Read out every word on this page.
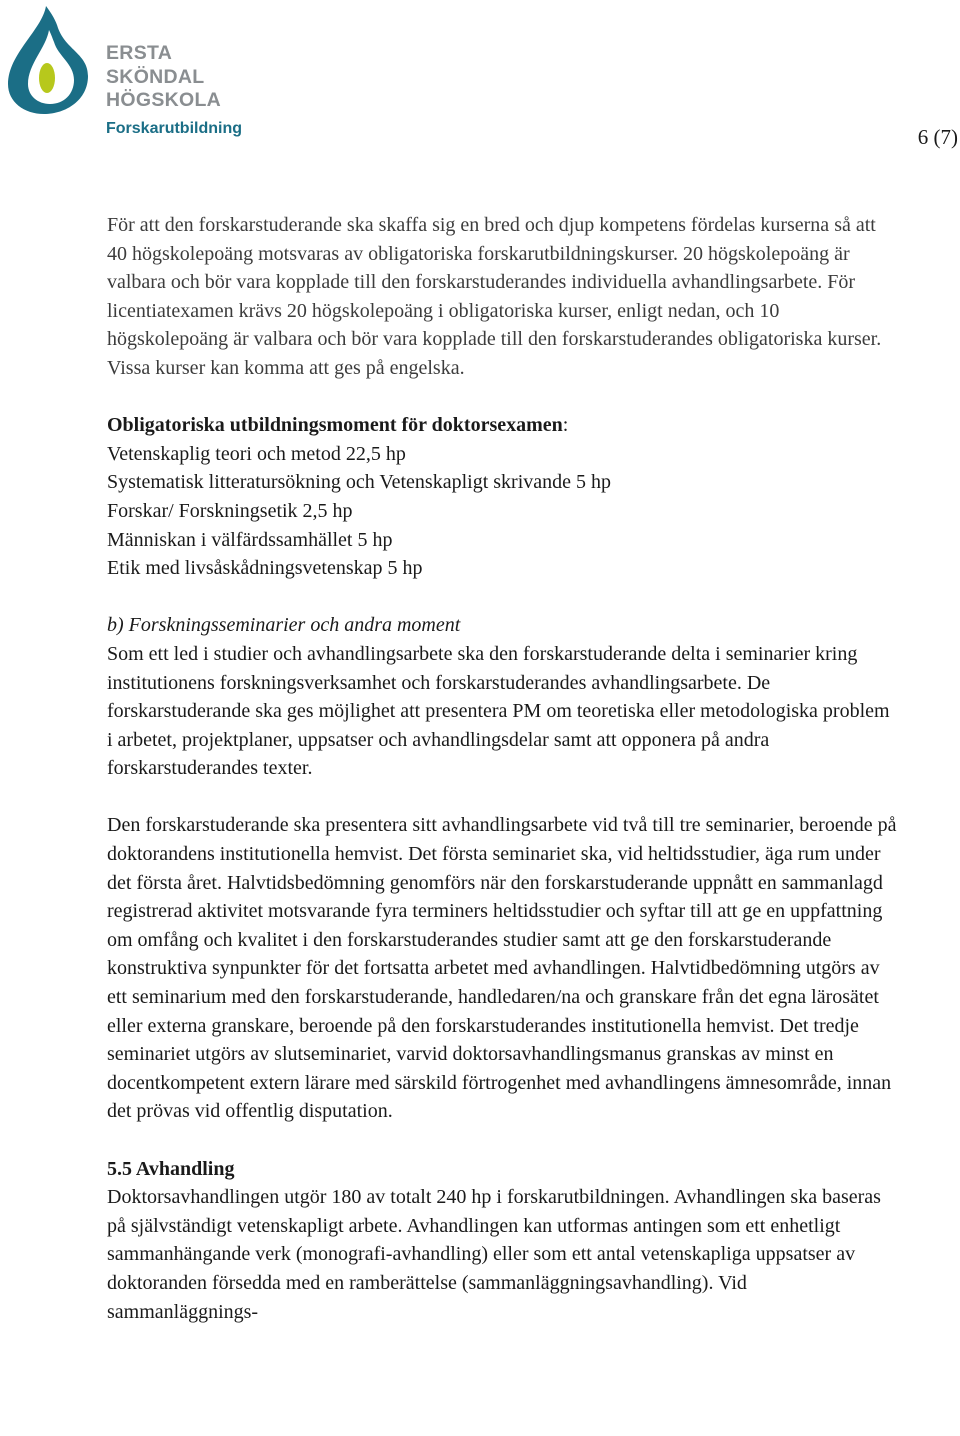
ERSTA
SKÖNDAL
HÖGSKOLA
Forskarutbildning	6 (7)

För att den forskarstuderande ska skaffa sig en bred och djup kompetens fördelas kurserna så att 40 högskolepoäng motsvaras av obligatoriska forskarutbildningskurser. 20 högskolepoäng är valbara och bör vara kopplade till den forskarstuderandes individuella avhandlingsarbete. För licentiatexamen krävs 20 högskolepoäng i obligatoriska kurser, enligt nedan, och 10 högskolepoäng är valbara och bör vara kopplade till den forskarstuderandes obligatoriska kurser. Vissa kurser kan komma att ges på engelska.

Obligatoriska utbildningsmoment för doktorsexamen:

Vetenskaplig teori och metod 22,5 hp

Systematisk litteratursökning och Vetenskapligt skrivande 5 hp

Forskar/ Forskningsetik 2,5 hp

Människan i välfärdssamhället 5 hp

Etik med livsåskådningsvetenskap 5 hp

b) Forskningsseminarier och andra moment

Som ett led i studier och avhandlingsarbete ska den forskarstuderande delta i seminarier kring institutionens forskningsverksamhet och forskarstuderandes avhandlingsarbete. De forskarstuderande ska ges möjlighet att presentera PM om teoretiska eller metodologiska problem i arbetet, projektplaner, uppsatser och avhandlingsdelar samt att opponera på andra forskarstuderandes texter.

Den forskarstuderande ska presentera sitt avhandlingsarbete vid två till tre seminarier, beroende på doktorandens institutionella hemvist. Det första seminariet ska, vid heltidsstudier, äga rum under det första året. Halvtidsbedömning genomförs när den forskarstuderande uppnått en sammanlagd registrerad aktivitet motsvarande fyra terminers heltidsstudier och syftar till att ge en uppfattning om omfång och kvalitet i den forskarstuderandes studier samt att ge den forskarstuderande konstruktiva synpunkter för det fortsatta arbetet med avhandlingen. Halvtidbedömning utgörs av ett seminarium med den forskarstuderande, handledaren/na och granskare från det egna lärosätet eller externa granskare, beroende på den forskarstuderandes institutionella hemvist. Det tredje seminariet utgörs av slutseminariet, varvid doktorsavhandlingsmanus granskas av minst en docentkompetent extern lärare med särskild förtrogenhet med avhandlingens ämnesområde, innan det prövas vid offentlig disputation.

5.5 Avhandling

Doktorsavhandlingen utgör 180 av totalt 240 hp i forskarutbildningen. Avhandlingen ska baseras på självständigt vetenskapligt arbete. Avhandlingen kan utformas antingen som ett enhetligt sammanhängande verk (monografi-avhandling) eller som ett antal vetenskapliga uppsatser av doktoranden försedda med en ramberättelse (sammanläggningsavhandling). Vid sammanläggnings-
